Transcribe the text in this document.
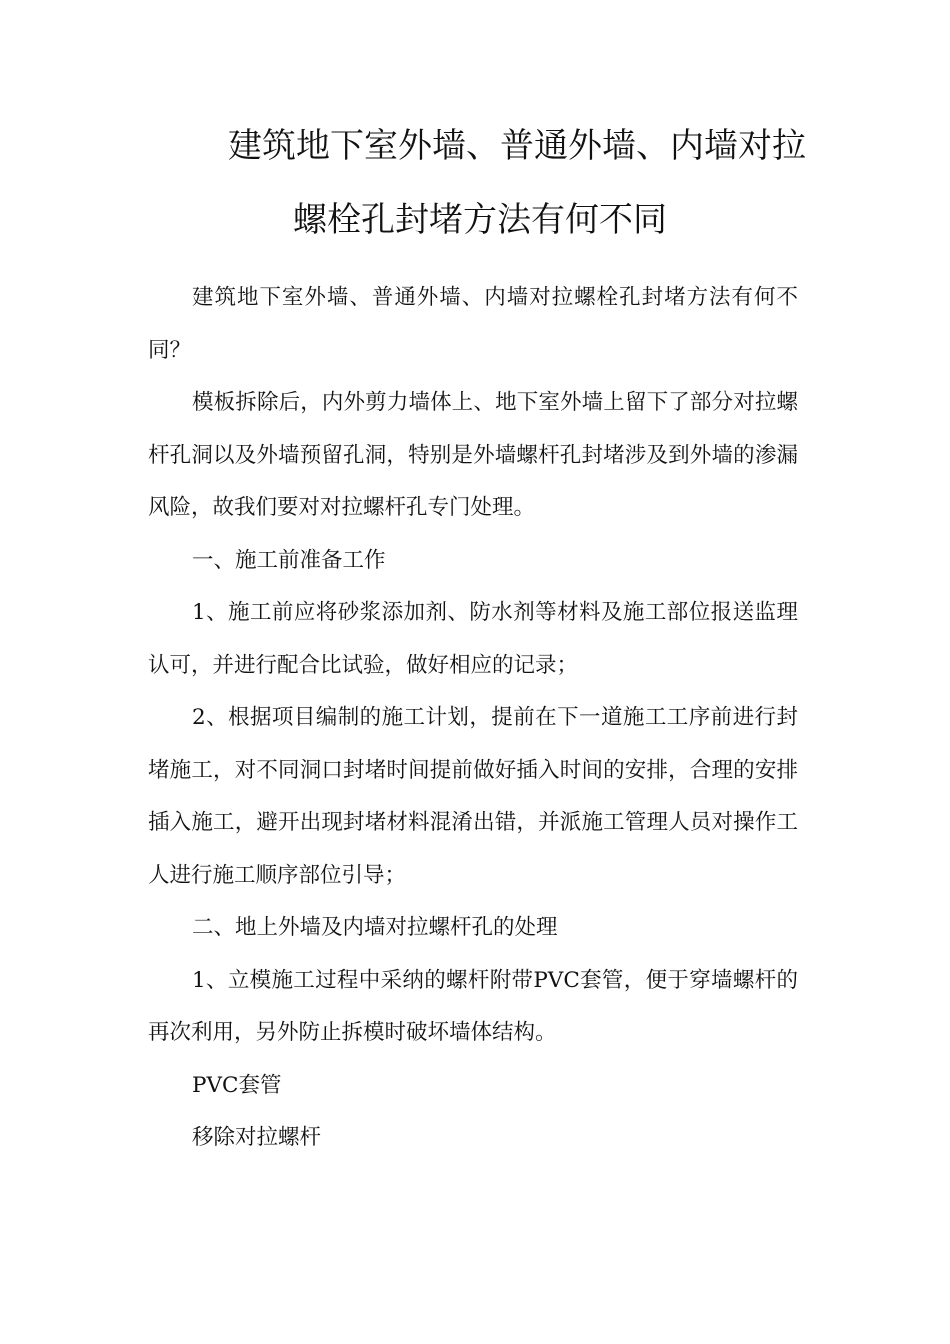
建筑地下室外墙、普通外墙、内墙对拉
螺栓孔封堵方法有何不同

建筑地下室外墙、普通外墙、内墙对拉螺栓孔封堵方法有何不同？

模板拆除后，内外剪力墙体上、地下室外墙上留下了部分对拉螺杆孔洞以及外墙预留孔洞，特别是外墙螺杆孔封堵涉及到外墙的渗漏风险，故我们要对对拉螺杆孔专门处理。

一、施工前准备工作

1、施工前应将砂浆添加剂、防水剂等材料及施工部位报送监理认可，并进行配合比试验，做好相应的记录；

2、根据项目编制的施工计划，提前在下一道施工工序前进行封堵施工，对不同洞口封堵时间提前做好插入时间的安排，合理的安排插入施工，避开出现封堵材料混淆出错，并派施工管理人员对操作工人进行施工顺序部位引导；

二、地上外墙及内墙对拉螺杆孔的处理

1、立模施工过程中采纳的螺杆附带PVC套管，便于穿墙螺杆的再次利用，另外防止拆模时破坏墙体结构。

PVC套管

移除对拉螺杆
